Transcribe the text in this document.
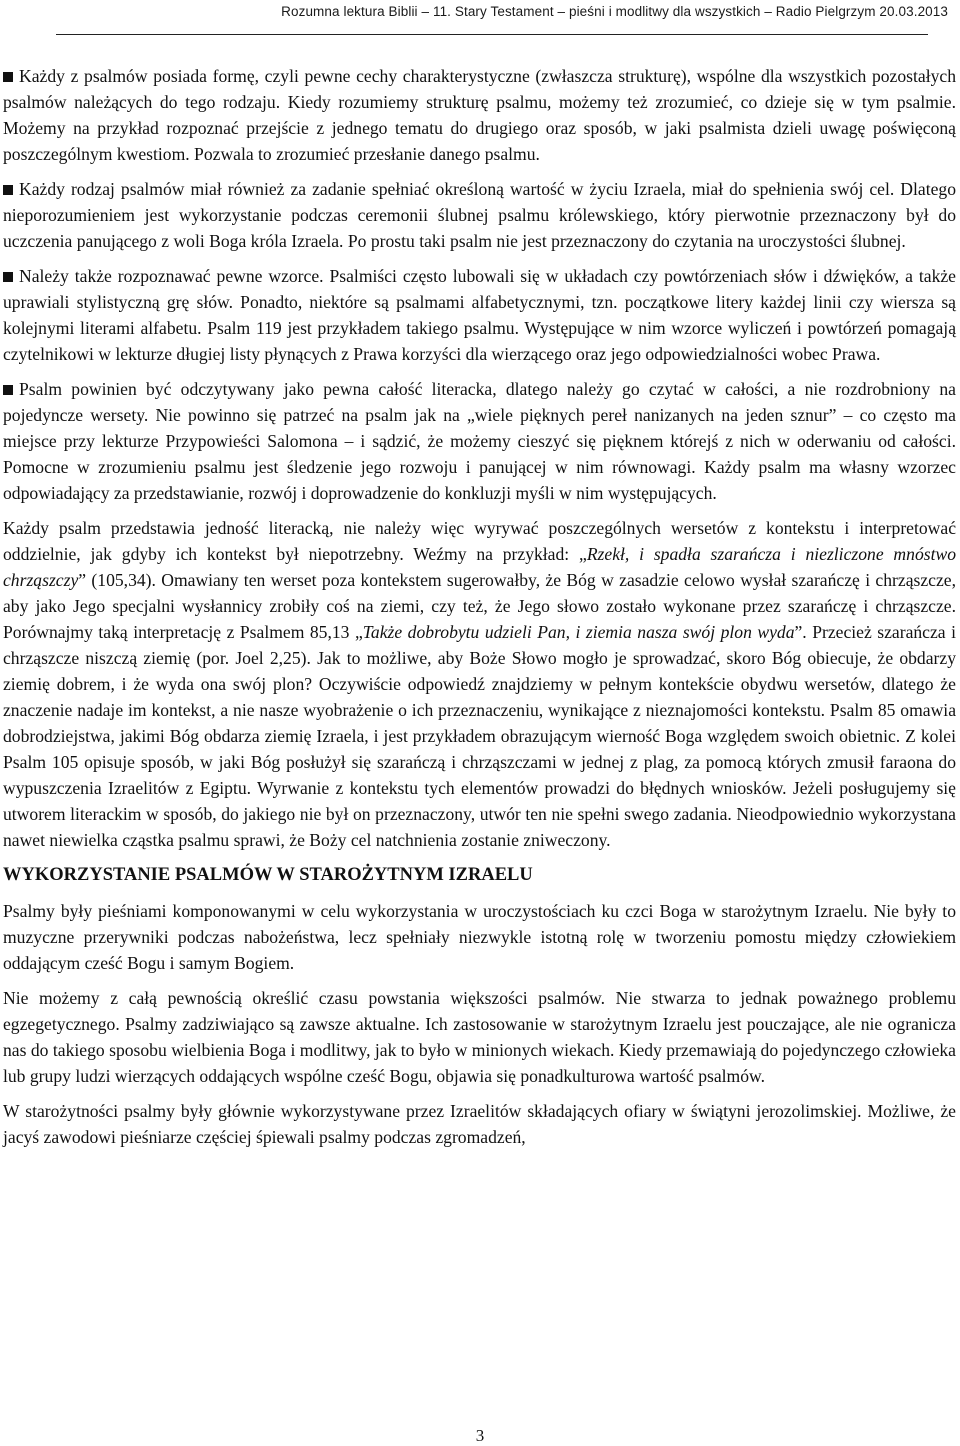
Rozumna lektura Biblii – 11. Stary Testament – pieśni i modlitwy dla wszystkich – Radio Pielgrzym 20.03.2013

Każdy z psalmów posiada formę, czyli pewne cechy charakterystyczne (zwłaszcza strukturę), wspólne dla wszystkich pozostałych psalmów należących do tego rodzaju. Kiedy rozumiemy strukturę psalmu, możemy też zrozumieć, co dzieje się w tym psalmie. Możemy na przykład rozpoznać przejście z jednego tematu do drugiego oraz sposób, w jaki psalmista dzieli uwagę poświęconą poszczególnym kwestiom. Pozwala to zrozumieć przesłanie danego psalmu.

Każdy rodzaj psalmów miał również za zadanie spełniać określoną wartość w życiu Izraela, miał do spełnienia swój cel. Dlatego nieporozumieniem jest wykorzystanie podczas ceremonii ślubnej psalmu królewskiego, który pierwotnie przeznaczony był do uczczenia panującego z woli Boga króla Izraela. Po prostu taki psalm nie jest przeznaczony do czytania na uroczystości ślubnej.

Należy także rozpoznawać pewne wzorce. Psalmiści często lubowali się w układach czy powtórzeniach słów i dźwięków, a także uprawiali stylistyczną grę słów. Ponadto, niektóre są psalmami alfabetycznymi, tzn. początkowe litery każdej linii czy wiersza są kolejnymi literami alfabetu. Psalm 119 jest przykładem takiego psalmu. Występujące w nim wzorce wyliczeń i powtórzeń pomagają czytelnikowi w lekturze długiej listy płynących z Prawa korzyści dla wierzącego oraz jego odpowiedzialności wobec Prawa.

Psalm powinien być odczytywany jako pewna całość literacka, dlatego należy go czytać w całości, a nie rozdrobniony na pojedyncze wersety. Nie powinno się patrzeć na psalm jak na „wiele pięknych pereł nanizanych na jeden sznur” – co często ma miejsce przy lekturze Przypowieści Salomona – i sądzić, że możemy cieszyć się pięknem którejś z nich w oderwaniu od całości. Pomocne w zrozumieniu psalmu jest śledzenie jego rozwoju i panującej w nim równowagi. Każdy psalm ma własny wzorzec odpowiadający za przedstawianie, rozwój i doprowadzenie do konkluzji myśli w nim występujących.

Każdy psalm przedstawia jedność literacką, nie należy więc wyrywać poszczególnych wersetów z kontekstu i interpretować oddzielnie, jak gdyby ich kontekst był niepotrzebny. Weźmy na przykład: „Rzekł, i spadła szarańcza i niezliczone mnóstwo chrząszczy” (105,34). Omawiany ten werset poza kontekstem sugerowałby, że Bóg w zasadzie celowo wysłał szarańczę i chrząszcze, aby jako Jego specjalni wysłannicy zrobiły coś na ziemi, czy też, że Jego słowo zostało wykonane przez szarańczę i chrząszcze. Porównajmy taką interpretację z Psalmem 85,13 „Także dobrobytu udzieli Pan, i ziemia nasza swój plon wyda”. Przecież szarańcza i chrząszcze niszczą ziemię (por. Joel 2,25). Jak to możliwe, aby Boże Słowo mogło je sprowadzać, skoro Bóg obiecuje, że obdarzy ziemię dobrem, i że wyda ona swój plon? Oczywiście odpowiedź znajdziemy w pełnym kontekście obydwu wersetów, dlatego że znaczenie nadaje im kontekst, a nie nasze wyobrażenie o ich przeznaczeniu, wynikające z nieznajomości kontekstu. Psalm 85 omawia dobrodziejstwa, jakimi Bóg obdarza ziemię Izraela, i jest przykładem obrazującym wierność Boga względem swoich obietnic. Z kolei Psalm 105 opisuje sposób, w jaki Bóg posłużył się szarańczą i chrząszczami w jednej z plag, za pomocą których zmusił faraona do wypuszczenia Izraelitów z Egiptu. Wyrwanie z kontekstu tych elementów prowadzi do błędnych wniosków. Jeżeli posługujemy się utworem literackim w sposób, do jakiego nie był on przeznaczony, utwór ten nie spełni swego zadania. Nieodpowiednio wykorzystana nawet niewielka cząstka psalmu sprawi, że Boży cel natchnienia zostanie zniweczony.

WYKORZYSTANIE PSALMÓW W STAROŻYTNYM IZRAELU

Psalmy były pieśniami komponowanymi w celu wykorzystania w uroczystościach ku czci Boga w starożytnym Izraelu. Nie były to muzyczne przerywniki podczas nabożeństwa, lecz spełniały niezwykle istotną rolę w tworzeniu pomostu między człowiekiem oddającym cześć Bogu i samym Bogiem.

Nie możemy z całą pewnością określić czasu powstania większości psalmów. Nie stwarza to jednak poważnego problemu egzegetycznego. Psalmy zadziwiająco są zawsze aktualne. Ich zastosowanie w starożytnym Izraelu jest pouczające, ale nie ogranicza nas do takiego sposobu wielbienia Boga i modlitwy, jak to było w minionych wiekach. Kiedy przemawiają do pojedynczego człowieka lub grupy ludzi wierzących oddających wspólne cześć Bogu, objawia się ponadkulturowa wartość psalmów.

W starożytności psalmy były głównie wykorzystywane przez Izraelitów składających ofiary w świątyni jerozolimskiej. Możliwe, że jacyś zawodowi pieśniarze częściej śpiewali psalmy podczas zgromadzeń,

3
